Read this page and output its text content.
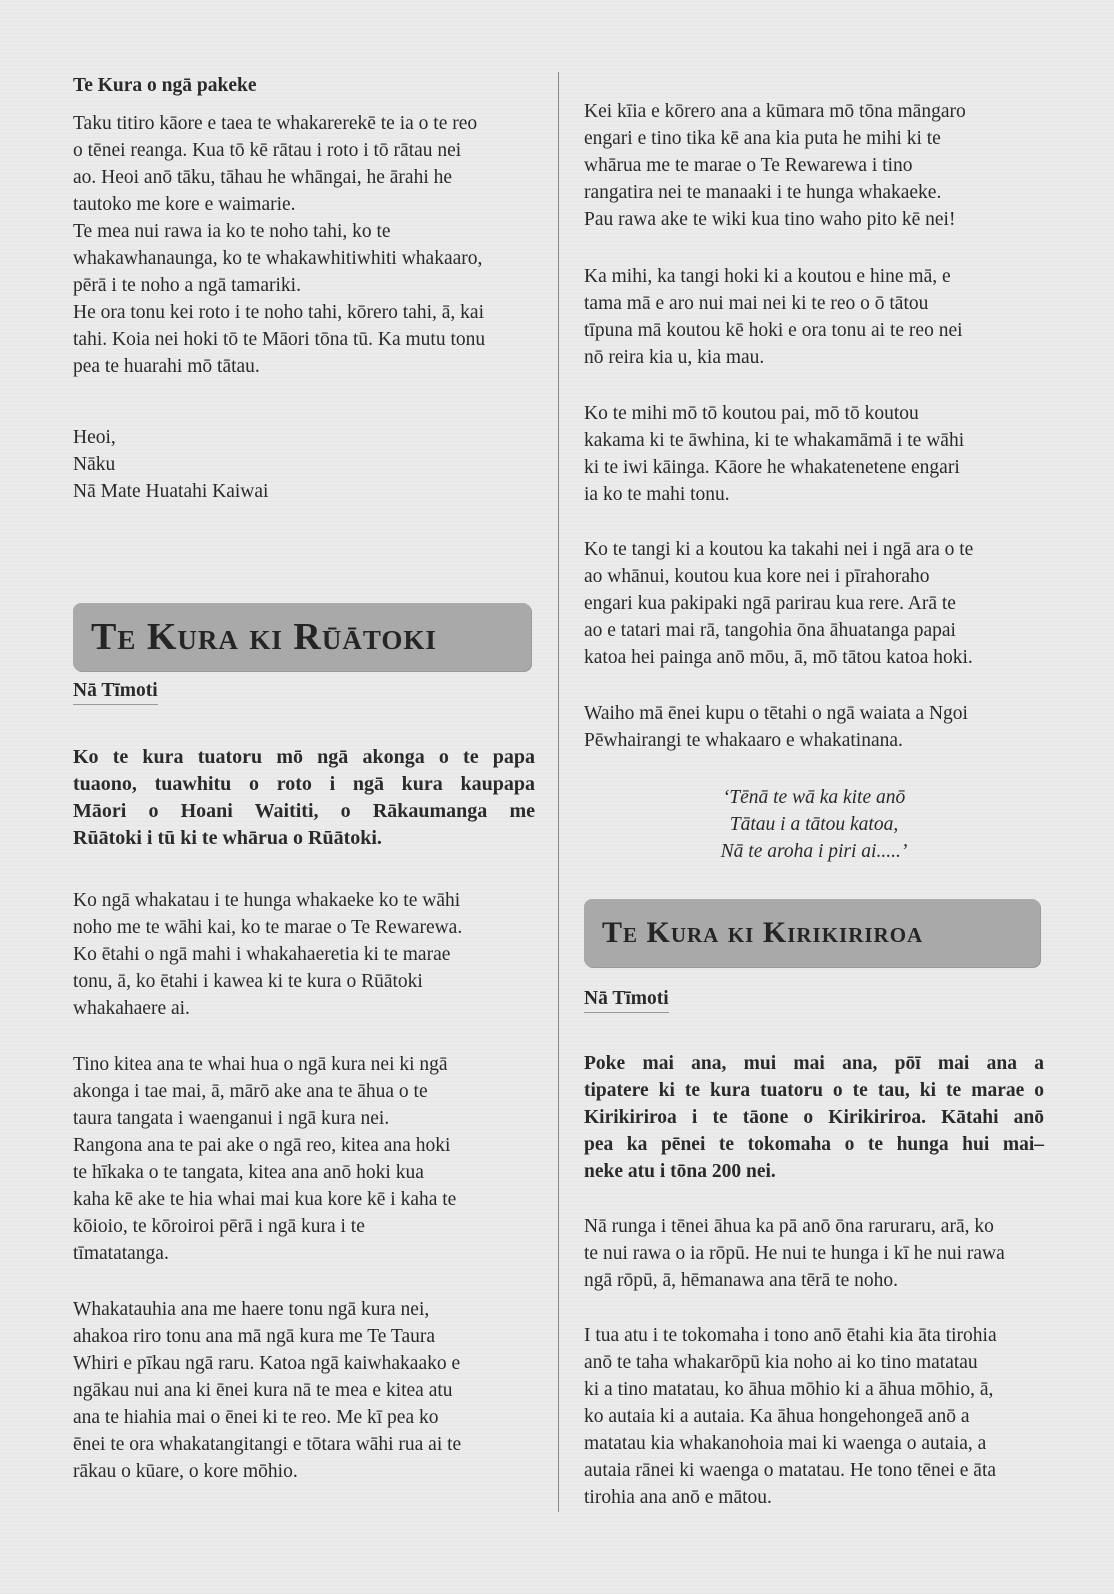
Te Kura o ngā pakeke

Taku titiro kāore e taea te whakarerekē te ia o te reo
o tēnei reanga. Kua tō kē rātau i roto i tō rātau nei
ao. Heoi anō tāku, tāhau he whāngai, he ārahi he
tautoko me kore e waimarie.
Te mea nui rawa ia ko te noho tahi, ko te
whakawhanaunga, ko te whakawhitiwhiti whakaaro,
pērā i te noho a ngā tamariki.
He ora tonu kei roto i te noho tahi, kōrero tahi, ā, kai
tahi. Koia nei hoki tō te Māori tōna tū. Ka mutu tonu
pea te huarahi mō tātau.
Heoi,
Nāku
Nā Mate Huatahi Kaiwai
Te Kura ki Rūātoki
Nā Tīmoti
Ko te kura tuatoru mō ngā akonga o te papa
tuaono, tuawhitu o roto i ngā kura kaupapa
Māori o Hoani Waititi, o Rākaumanga me
Rūātoki i tū ki te whārua o Rūātoki.
Ko ngā whakatau i te hunga whakaeke ko te wāhi
noho me te wāhi kai, ko te marae o Te Rewarewa.
Ko ētahi o ngā mahi i whakahaeretia ki te marae
tonu, ā, ko ētahi i kawea ki te kura o Rūātoki
whakahaere ai.
Tino kitea ana te whai hua o ngā kura nei ki ngā
akonga i tae mai, ā, mārō ake ana te āhua o te
taura tangata i waenganui i ngā kura nei.
Rangona ana te pai ake o ngā reo, kitea ana hoki
te hīkaka o te tangata, kitea ana anō hoki kua
kaha kē ake te hia whai mai kua kore kē i kaha te
kōioio, te kōroiroi pērā i ngā kura i te
tīmatatanga.
Whakatauhia ana me haere tonu ngā kura nei,
ahakoa riro tonu ana mā ngā kura me Te Taura
Whiri e pīkau ngā raru. Katoa ngā kaiwhakaako e
ngākau nui ana ki ēnei kura nā te mea e kitea atu
ana te hiahia mai o ēnei ki te reo. Me kī pea ko
ēnei te ora whakatangitangi e tōtara wāhi rua ai te
rākau o kūare, o kore mōhio.
Kei kīia e kōrero ana a kūmara mō tōna māngaro
engari e tino tika kē ana kia puta he mihi ki te
whārua me te marae o Te Rewarewa i tino
rangatira nei te manaaki i te hunga whakaeke.
Pau rawa ake te wiki kua tino waho pito kē nei!
Ka mihi, ka tangi hoki ki a koutou e hine mā, e
tama mā e aro nui mai nei ki te reo o ō tātou
tīpuna mā koutou kē hoki e ora tonu ai te reo nei
nō reira kia u, kia mau.
Ko te mihi mō tō koutou pai, mō tō koutou
kakama ki te āwhina, ki te whakamāmā i te wāhi
ki te iwi kāinga. Kāore he whakatenetene engari
ia ko te mahi tonu.
Ko te tangi ki a koutou ka takahi nei i ngā ara o te
ao whānui, koutou kua kore nei i pīrahoraho
engari kua pakipaki ngā parirau kua rere. Arā te
ao e tatari mai rā, tangohia ōna āhuatanga papai
katoa hei painga anō mōu, ā, mō tātou katoa hoki.
Waiho mā ēnei kupu o tētahi o ngā waiata a Ngoi
Pēwhairangi te whakaaro e whakatinana.
‘Tēnā te wā ka kite anō
Tātau i a tātou katoa,
Nā te aroha i piri ai.....’
Te Kura ki Kirikiriroa
Nā Tīmoti
Poke mai ana, mui mai ana, pōī mai ana a
tipatere ki te kura tuatoru o te tau, ki te marae o
Kirikiriroa i te tāone o Kirikiriroa. Kātahi anō
pea ka pēnei te tokomaha o te hunga hui mai–
neke atu i tōna 200 nei.
Nā runga i tēnei āhua ka pā anō ōna raruraru, arā, ko
te nui rawa o ia rōpū. He nui te hunga i kī he nui rawa
ngā rōpū, ā, hēmanawa ana tērā te noho.
I tua atu i te tokomaha i tono anō ētahi kia āta tirohia
anō te taha whakarōpū kia noho ai ko tino matatau
ki a tino matatau, ko āhua mōhio ki a āhua mōhio, ā,
ko autaia ki a autaia. Ka āhua hongehongeā anō a
matatau kia whakanohoia mai ki waenga o autaia, a
autaia rānei ki waenga o matatau. He tono tēnei e āta
tirohia ana anō e mātou.
